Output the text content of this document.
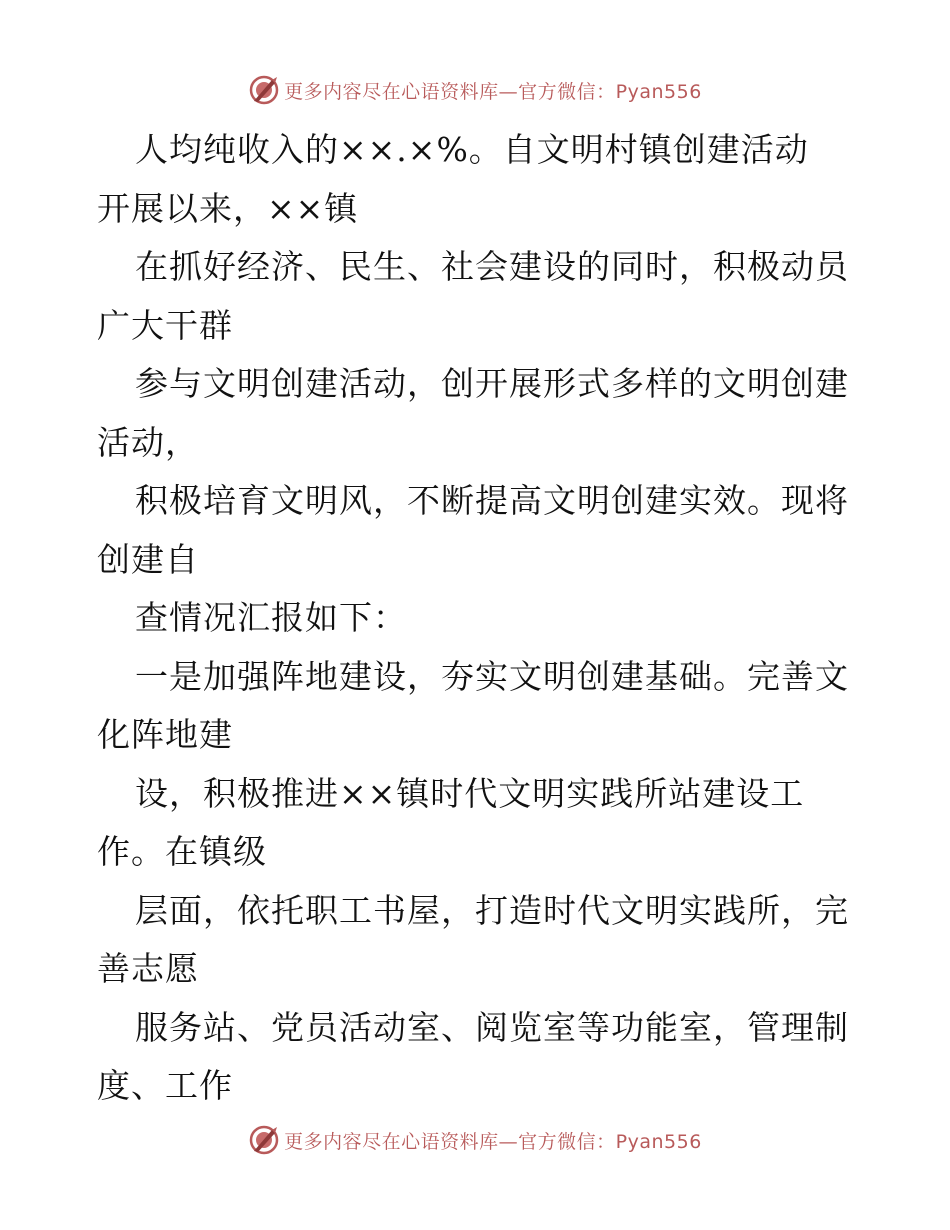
更多内容尽在心语资料库—官方微信：Pyan556
人均纯收入的××.×%。自文明村镇创建活动
开展以来，××镇
在抓好经济、民生、社会建设的同时，积极动员
广大干群
参与文明创建活动，创开展形式多样的文明创建
活动，
积极培育文明风，不断提高文明创建实效。现将
创建自
查情况汇报如下：
一是加强阵地建设，夯实文明创建基础。完善文
化阵地建
设，积极推进××镇时代文明实践所站建设工
作。在镇级
层面，依托职工书屋，打造时代文明实践所，完
善志愿
服务站、党员活动室、阅览室等功能室，管理制
度、工作
更多内容尽在心语资料库—官方微信：Pyan556
